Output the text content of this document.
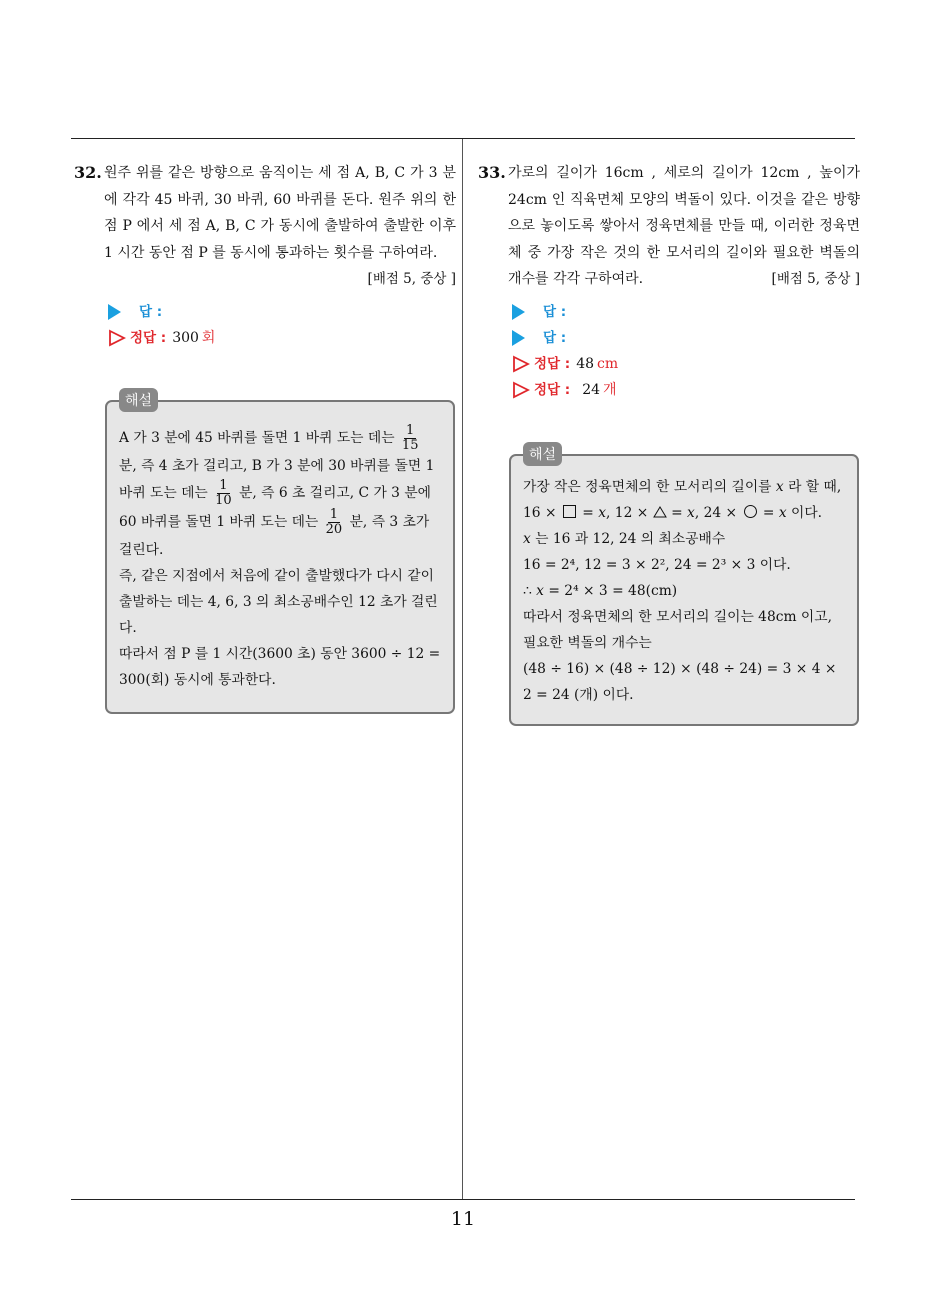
11
32. 원주 위를 같은 방향으로 움직이는 세 점 A, B, C 가 3 분에 각각 45 바퀴, 30 바퀴, 60 바퀴를 돈다. 원주 위의 한 점 P 에서 세 점 A, B, C 가 동시에 출발하여 출발한 이후 1 시간 동안 점 P 를 동시에 통과하는 횟수를 구하여라.
[배점 5, 중상 ]
답 :
정답 : 300 회
해설
A 가 3 분에 45 바퀴를 돌면 1 바퀴 도는 데는 $\frac{1}{15}$
분, 즉 4 초가 걸리고, B 가 3 분에 30 바퀴를 돌면 1 바퀴 도는 데는 $\frac{1}{10}$ 분, 즉 6 초 걸리고, C 가 3 분에 60 바퀴를 돌면 1 바퀴 도는 데는 $\frac{1}{20}$ 분, 즉 3 초가 걸린다.
즉, 같은 지점에서 처음에 같이 출발했다가 다시 같이 출발하는 데는 4, 6, 3 의 최소공배수인 12 초가 걸린다.
따라서 점 P 를 1 시간(3600 초) 동안 3600 ÷ 12 = 300(회) 동시에 통과한다.
33. 가로의 길이가 16cm , 세로의 길이가 12cm , 높이가 24cm 인 직육면체 모양의 벽돌이 있다. 이것을 같은 방향으로 놓이도록 쌓아서 정육면체를 만들 때, 이러한 정육면체 중 가장 작은 것의 한 모서리의 길이와 필요한 벽돌의 개수를 각각 구하여라.	[배점 5, 중상 ]
답 :
답 :
정답 : 48 cm
정답 : 24 개
해설
가장 작은 정육면체의 한 모서리의 길이를 x 라 할 때, 16 × = x, 12 × = x, 24 × = x 이다.
x 는 16 과 12, 24 의 최소공배수
16 = 2⁴, 12 = 3 × 2², 24 = 2³ × 3 이다.
∴ x = 2⁴ × 3 = 48(cm)
따라서 정육면체의 한 모서리의 길이는 48cm 이고, 필요한 벽돌의 개수는
(48 ÷ 16) × (48 ÷ 12) × (48 ÷ 24) = 3 × 4 × 2 = 24 (개) 이다.
